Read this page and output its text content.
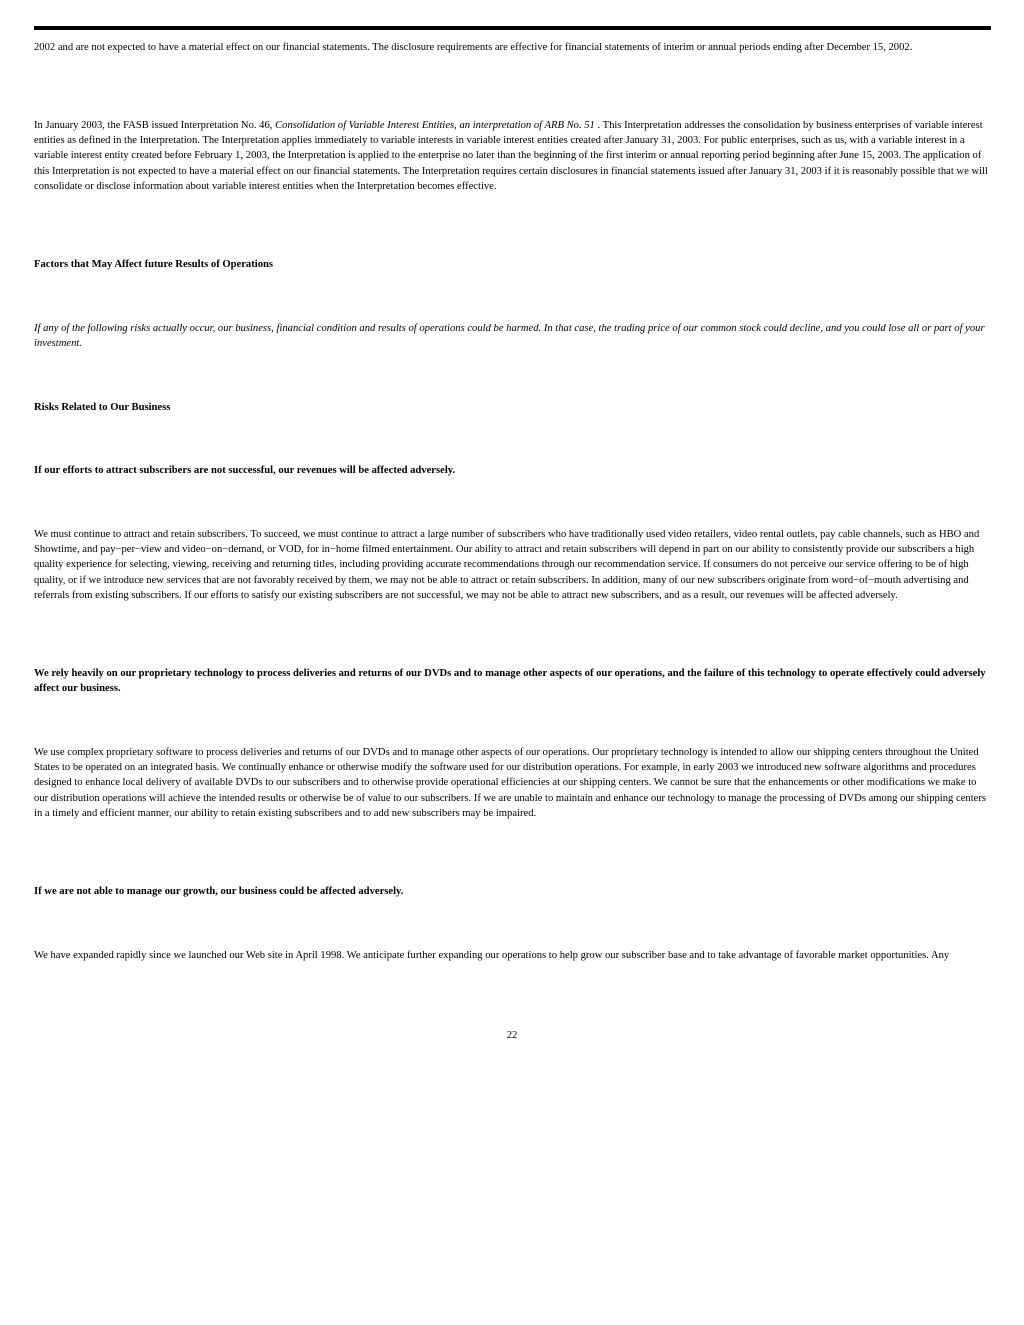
2002 and are not expected to have a material effect on our financial statements. The disclosure requirements are effective for financial statements of interim or annual periods ending after December 15, 2002.

In January 2003, the FASB issued Interpretation No. 46, Consolidation of Variable Interest Entities, an interpretation of ARB No. 51 . This Interpretation addresses the consolidation by business enterprises of variable interest entities as defined in the Interpretation. The Interpretation applies immediately to variable interests in variable interest entities created after January 31, 2003. For public enterprises, such as us, with a variable interest in a variable interest entity created before February 1, 2003, the Interpretation is applied to the enterprise no later than the beginning of the first interim or annual reporting period beginning after June 15, 2003. The application of this Interpretation is not expected to have a material effect on our financial statements. The Interpretation requires certain disclosures in financial statements issued after January 31, 2003 if it is reasonably possible that we will consolidate or disclose information about variable interest entities when the Interpretation becomes effective.

Factors that May Affect future Results of Operations

If any of the following risks actually occur, our business, financial condition and results of operations could be harmed. In that case, the trading price of our common stock could decline, and you could lose all or part of your investment.

Risks Related to Our Business

If our efforts to attract subscribers are not successful, our revenues will be affected adversely.

We must continue to attract and retain subscribers. To succeed, we must continue to attract a large number of subscribers who have traditionally used video retailers, video rental outlets, pay cable channels, such as HBO and Showtime, and pay−per−view and video−on−demand, or VOD, for in−home filmed entertainment. Our ability to attract and retain subscribers will depend in part on our ability to consistently provide our subscribers a high quality experience for selecting, viewing, receiving and returning titles, including providing accurate recommendations through our recommendation service. If consumers do not perceive our service offering to be of high quality, or if we introduce new services that are not favorably received by them, we may not be able to attract or retain subscribers. In addition, many of our new subscribers originate from word−of−mouth advertising and referrals from existing subscribers. If our efforts to satisfy our existing subscribers are not successful, we may not be able to attract new subscribers, and as a result, our revenues will be affected adversely.

We rely heavily on our proprietary technology to process deliveries and returns of our DVDs and to manage other aspects of our operations, and the failure of this technology to operate effectively could adversely affect our business.

We use complex proprietary software to process deliveries and returns of our DVDs and to manage other aspects of our operations. Our proprietary technology is intended to allow our shipping centers throughout the United States to be operated on an integrated basis. We continually enhance or otherwise modify the software used for our distribution operations. For example, in early 2003 we introduced new software algorithms and procedures designed to enhance local delivery of available DVDs to our subscribers and to otherwise provide operational efficiencies at our shipping centers. We cannot be sure that the enhancements or other modifications we make to our distribution operations will achieve the intended results or otherwise be of value to our subscribers. If we are unable to maintain and enhance our technology to manage the processing of DVDs among our shipping centers in a timely and efficient manner, our ability to retain existing subscribers and to add new subscribers may be impaired.

If we are not able to manage our growth, our business could be affected adversely.

We have expanded rapidly since we launched our Web site in April 1998. We anticipate further expanding our operations to help grow our subscriber base and to take advantage of favorable market opportunities. Any

22
